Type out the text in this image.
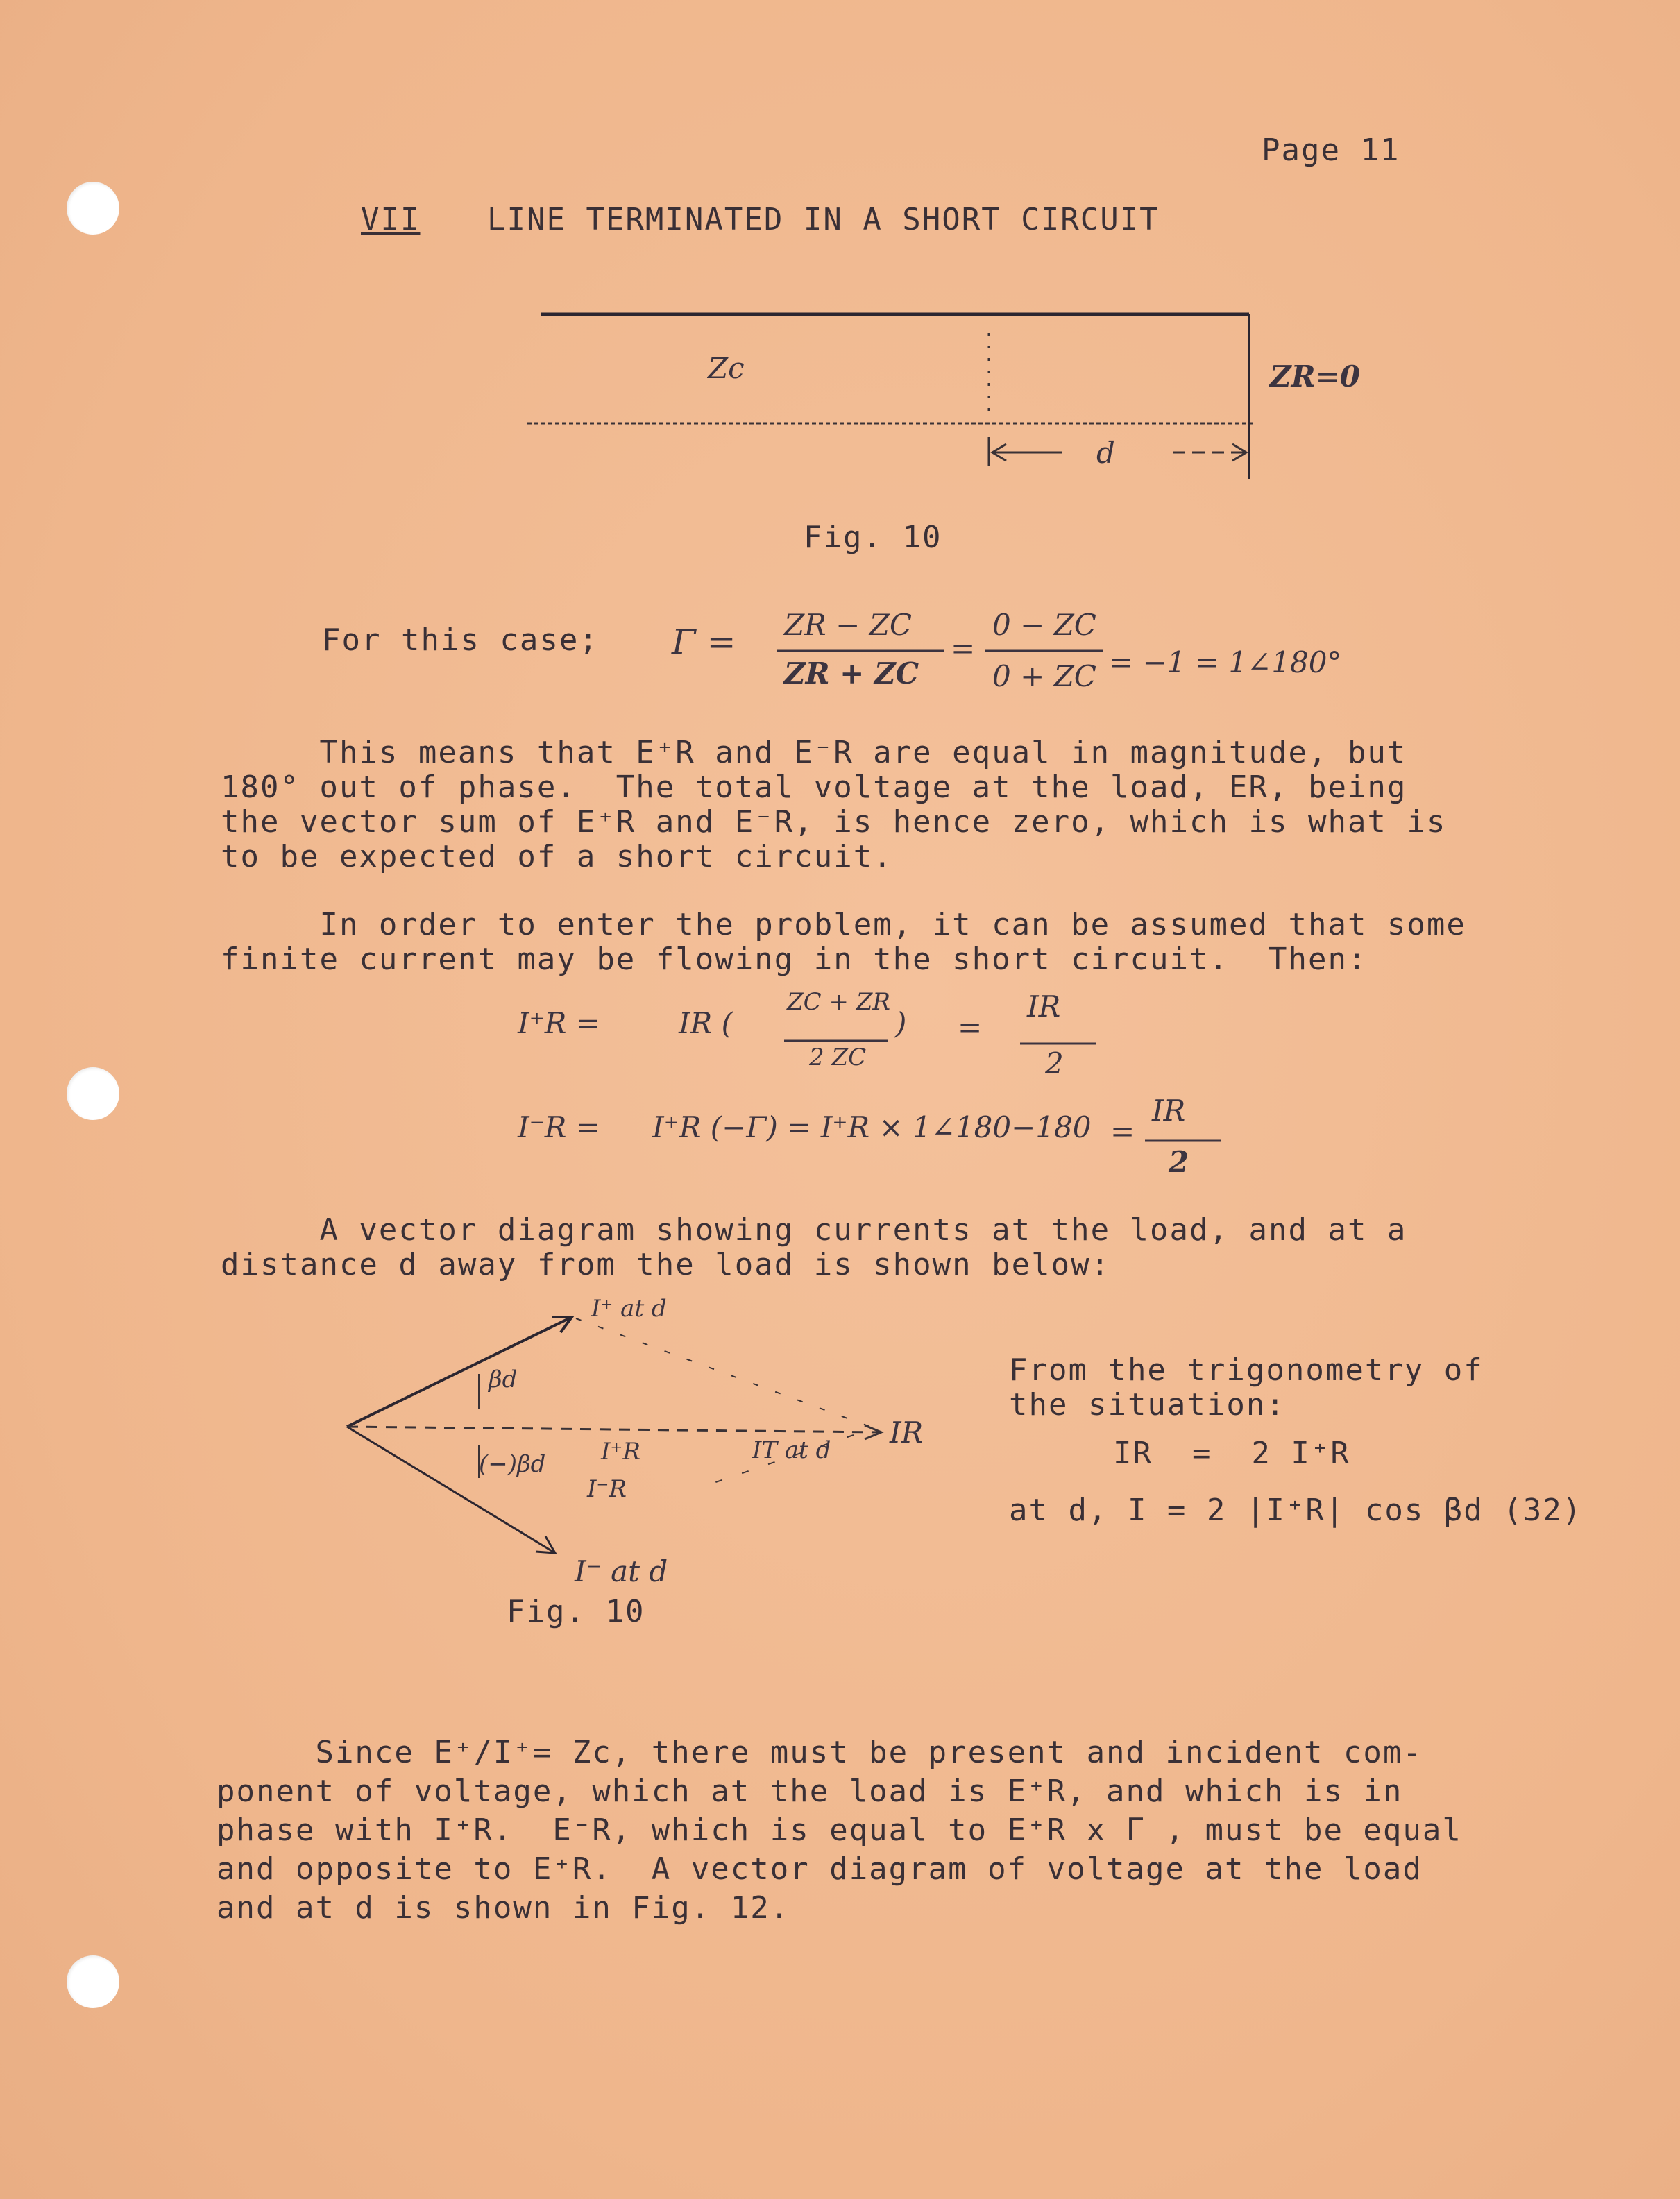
Page 11
VII LINE TERMINATED IN A SHORT CIRCUIT
Zc	ZR=0
d
Fig. 10
For this case; Γ = ZR − ZC
ZR + ZC
=
0 − ZC
0 + ZC = −1 = 1∠180°
This means that E⁺R and E⁻R are equal in magnitude, but
180° out of phase.  The total voltage at the load, ER, being
the vector sum of E⁺R and E⁻R, is hence zero, which is what is
to be expected of a short circuit.
In order to enter the problem, it can be assumed that some
finite current may be flowing in the short circuit.  Then:
I⁺R =	IR (
ZC + ZR
2 ZC
) =
IR
2
I⁻R = I⁺R (−Γ) = I⁺R × 1∠180−180 =
IR
2
A vector diagram showing currents at the load, and at a
distance d away from the load is shown below:
I⁺ at d
βd
(−)βd I⁺R
I⁻R
IT at d
IR
I⁻ at d
Fig. 10
From the trigonometry of
the situation:
IR  =  2 I⁺R
at d, I = 2 |I⁺R| cos βd (32)
Since E⁺/I⁺= Zc, there must be present and incident com-
ponent of voltage, which at the load is E⁺R, and which is in
phase with I⁺R.  E⁻R, which is equal to E⁺R x Γ , must be equal
and opposite to E⁺R.  A vector diagram of voltage at the load
and at d is shown in Fig. 12.
